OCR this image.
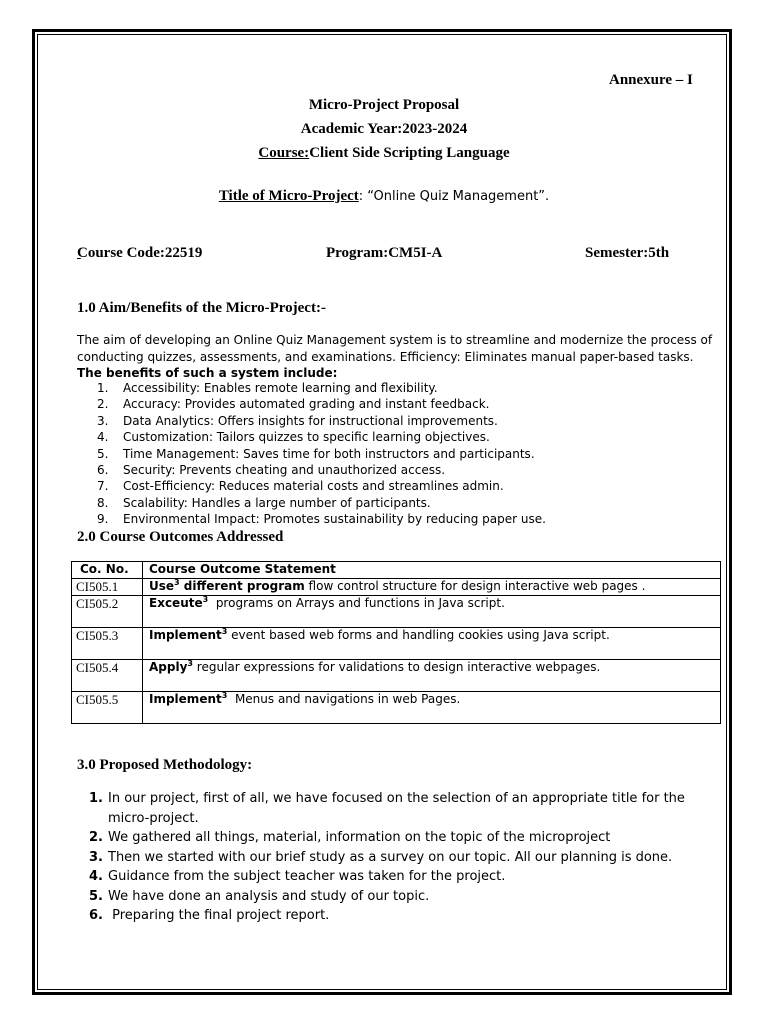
Annexure – I
Micro-Project Proposal
Academic Year:2023-2024
Course:Client Side Scripting Language
Title of Micro-Project: “Online Quiz Management”.
Course Code:22519
	Program:CM5I-A	Semester:5th
1.0 Aim/Benefits of the Micro-Project:-
The aim of developing an Online Quiz Management system is to streamline and modernize the process of
conducting quizzes, assessments, and examinations. Efficiency: Eliminates manual paper-based tasks.
The benefits of such a system include:
1. Accessibility: Enables remote learning and flexibility.
2. Accuracy: Provides automated grading and instant feedback.
3. Data Analytics: Offers insights for instructional improvements.
4. Customization: Tailors quizzes to specific learning objectives.
5. Time Management: Saves time for both instructors and participants.
6. Security: Prevents cheating and unauthorized access.
7. Cost-Efficiency: Reduces material costs and streamlines admin.
8. Scalability: Handles a large number of participants.
9. Environmental Impact: Promotes sustainability by reducing paper use.
2.0 Course Outcomes Addressed
Co. No.	Course Outcome Statement
CI505.1	Use$^3$ different program flow control structure for design interactive web pages .
CI505.2	Exceute$^3$  programs on Arrays and functions in Java script.
CI505.3	Implement$^3$ event based web forms and handling cookies using Java script.
CI505.4	Apply$^3$ regular expressions for validations to design interactive webpages.
CI505.5	Implement$^3$  Menus and navigations in web Pages.
3.0 Proposed Methodology:
1. In our project, first of all, we have focused on the selection of an appropriate title for the micro-project.
2. We gathered all things, material, information on the topic of the microproject
3. Then we started with our brief study as a survey on our topic. All our planning is done.
4. Guidance from the subject teacher was taken for the project.
5. We have done an analysis and study of our topic.
6. Preparing the final project report.
